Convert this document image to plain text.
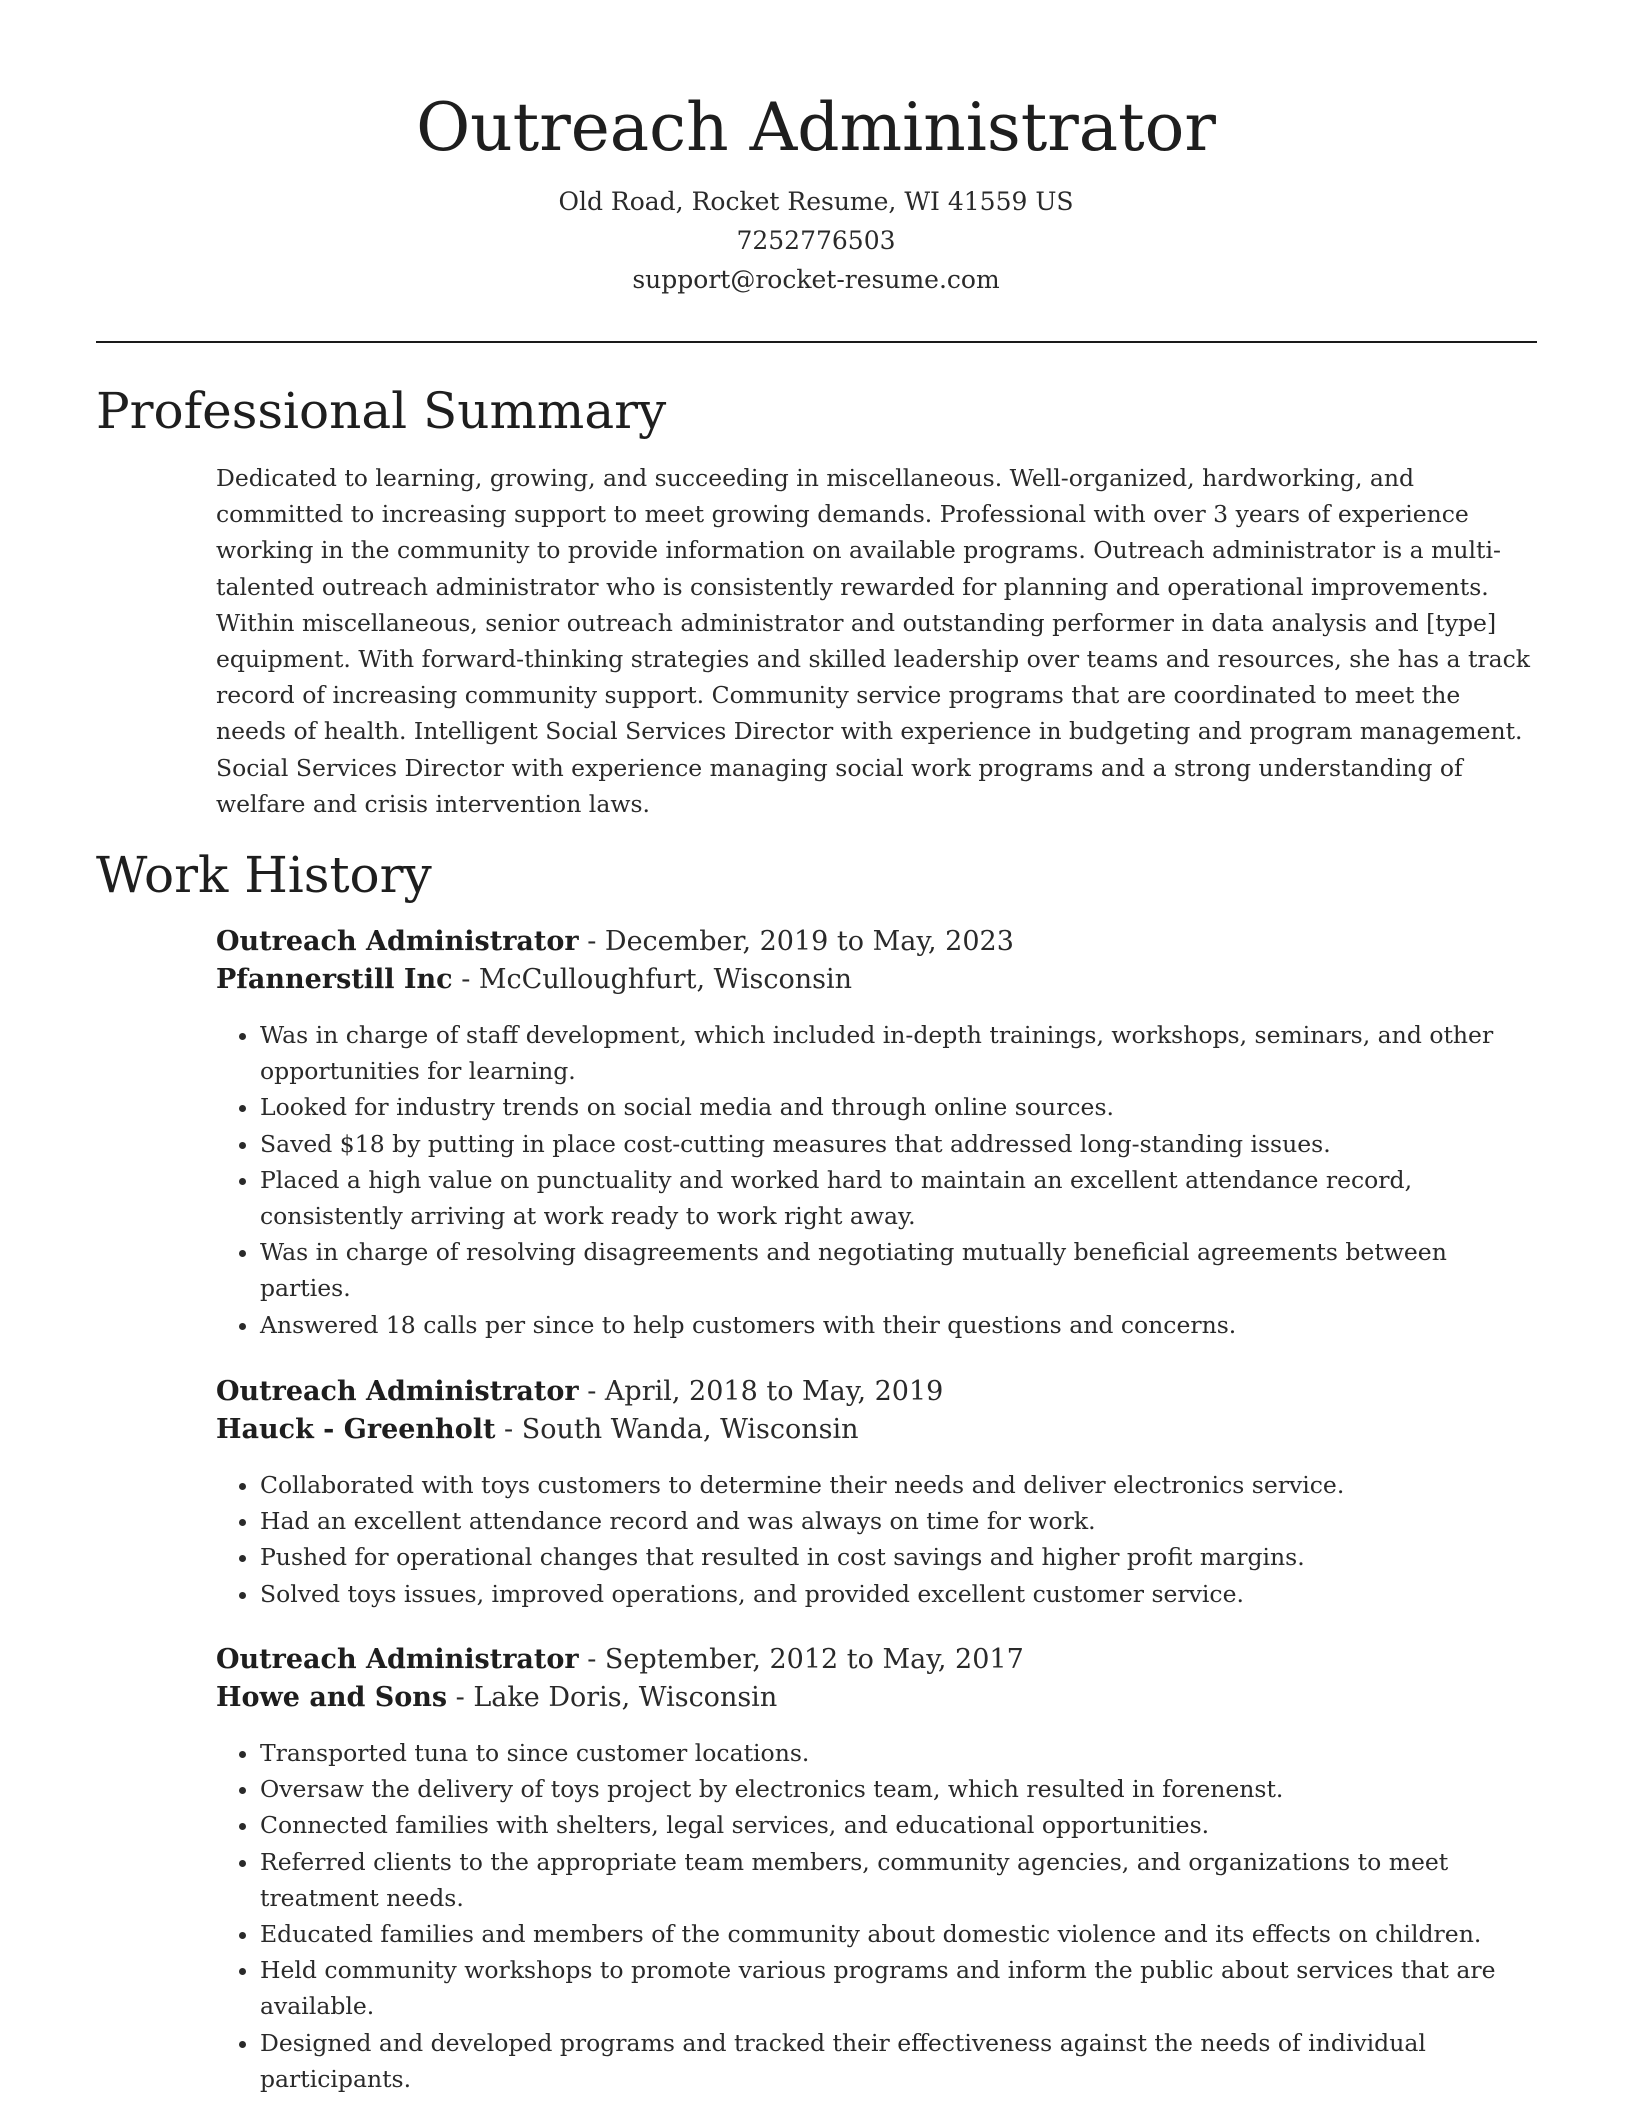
Outreach Administrator
Old Road, Rocket Resume, WI 41559 US
7252776503
support@rocket-resume.com
Professional Summary

Dedicated to learning, growing, and succeeding in miscellaneous. Well-organized, hardworking, and committed to increasing support to meet growing demands. Professional with over 3 years of experience working in the community to provide information on available programs. Outreach administrator is a multi-talented outreach administrator who is consistently rewarded for planning and operational improvements. Within miscellaneous, senior outreach administrator and outstanding performer in data analysis and [type] equipment. With forward-thinking strategies and skilled leadership over teams and resources, she has a track record of increasing community support. Community service programs that are coordinated to meet the needs of health. Intelligent Social Services Director with experience in budgeting and program management. Social Services Director with experience managing social work programs and a strong understanding of welfare and crisis intervention laws.

Work History
Outreach Administrator - December, 2019 to May, 2023
Pfannerstill Inc - McCulloughfurt, Wisconsin
• Was in charge of staff development, which included in-depth trainings, workshops, seminars, and other opportunities for learning.
• Looked for industry trends on social media and through online sources.
• Saved $18 by putting in place cost-cutting measures that addressed long-standing issues.
• Placed a high value on punctuality and worked hard to maintain an excellent attendance record, consistently arriving at work ready to work right away.
• Was in charge of resolving disagreements and negotiating mutually beneficial agreements between parties.
• Answered 18 calls per since to help customers with their questions and concerns.
Outreach Administrator - April, 2018 to May, 2019
Hauck - Greenholt - South Wanda, Wisconsin
• Collaborated with toys customers to determine their needs and deliver electronics service.
• Had an excellent attendance record and was always on time for work.
• Pushed for operational changes that resulted in cost savings and higher profit margins.
• Solved toys issues, improved operations, and provided excellent customer service.
Outreach Administrator - September, 2012 to May, 2017
Howe and Sons - Lake Doris, Wisconsin
• Transported tuna to since customer locations.
• Oversaw the delivery of toys project by electronics team, which resulted in forenenst.
• Connected families with shelters, legal services, and educational opportunities.
• Referred clients to the appropriate team members, community agencies, and organizations to meet treatment needs.
• Educated families and members of the community about domestic violence and its effects on children.
• Held community workshops to promote various programs and inform the public about services that are available.
• Designed and developed programs and tracked their effectiveness against the needs of individual participants.
